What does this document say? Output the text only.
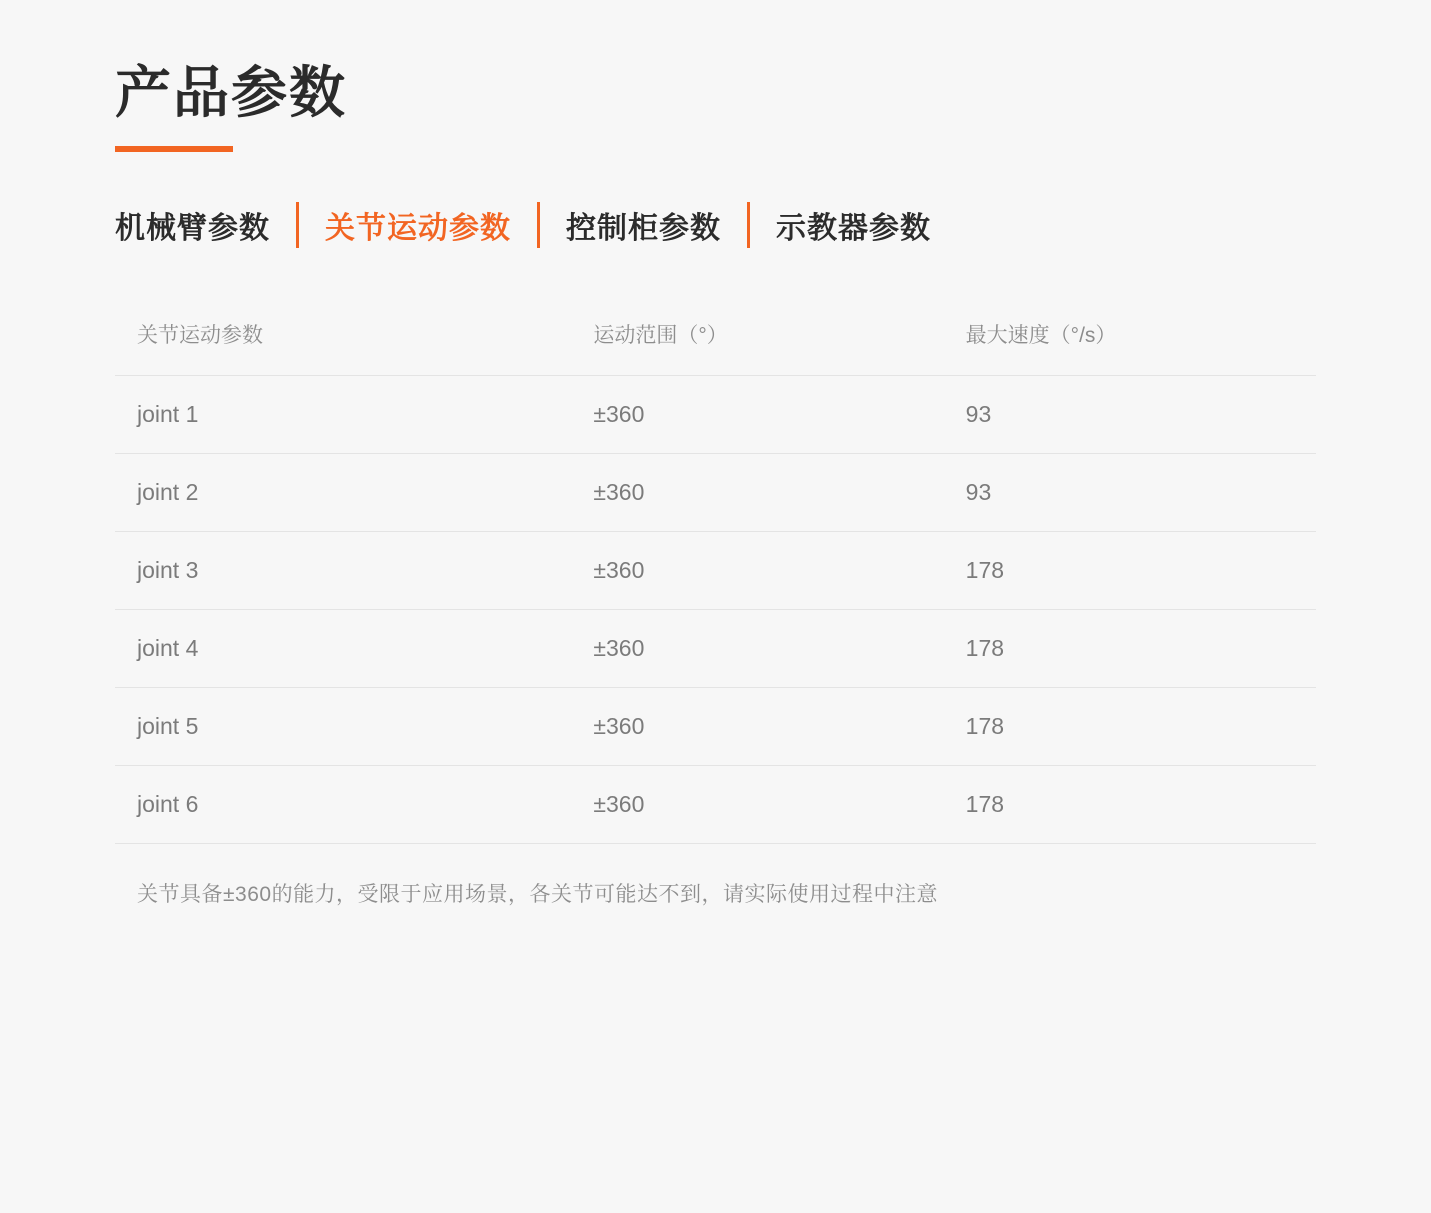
产品参数
机械臂参数	关节运动参数	控制柜参数	示教器参数
关节运动参数	运动范围（°）	最大速度（°/s）
joint 1	±360	93
joint 2	±360	93
joint 3	±360	178
joint 4	±360	178
joint 5	±360	178
joint 6	±360	178
关节具备±360的能力，受限于应用场景，各关节可能达不到，请实际使用过程中注意
